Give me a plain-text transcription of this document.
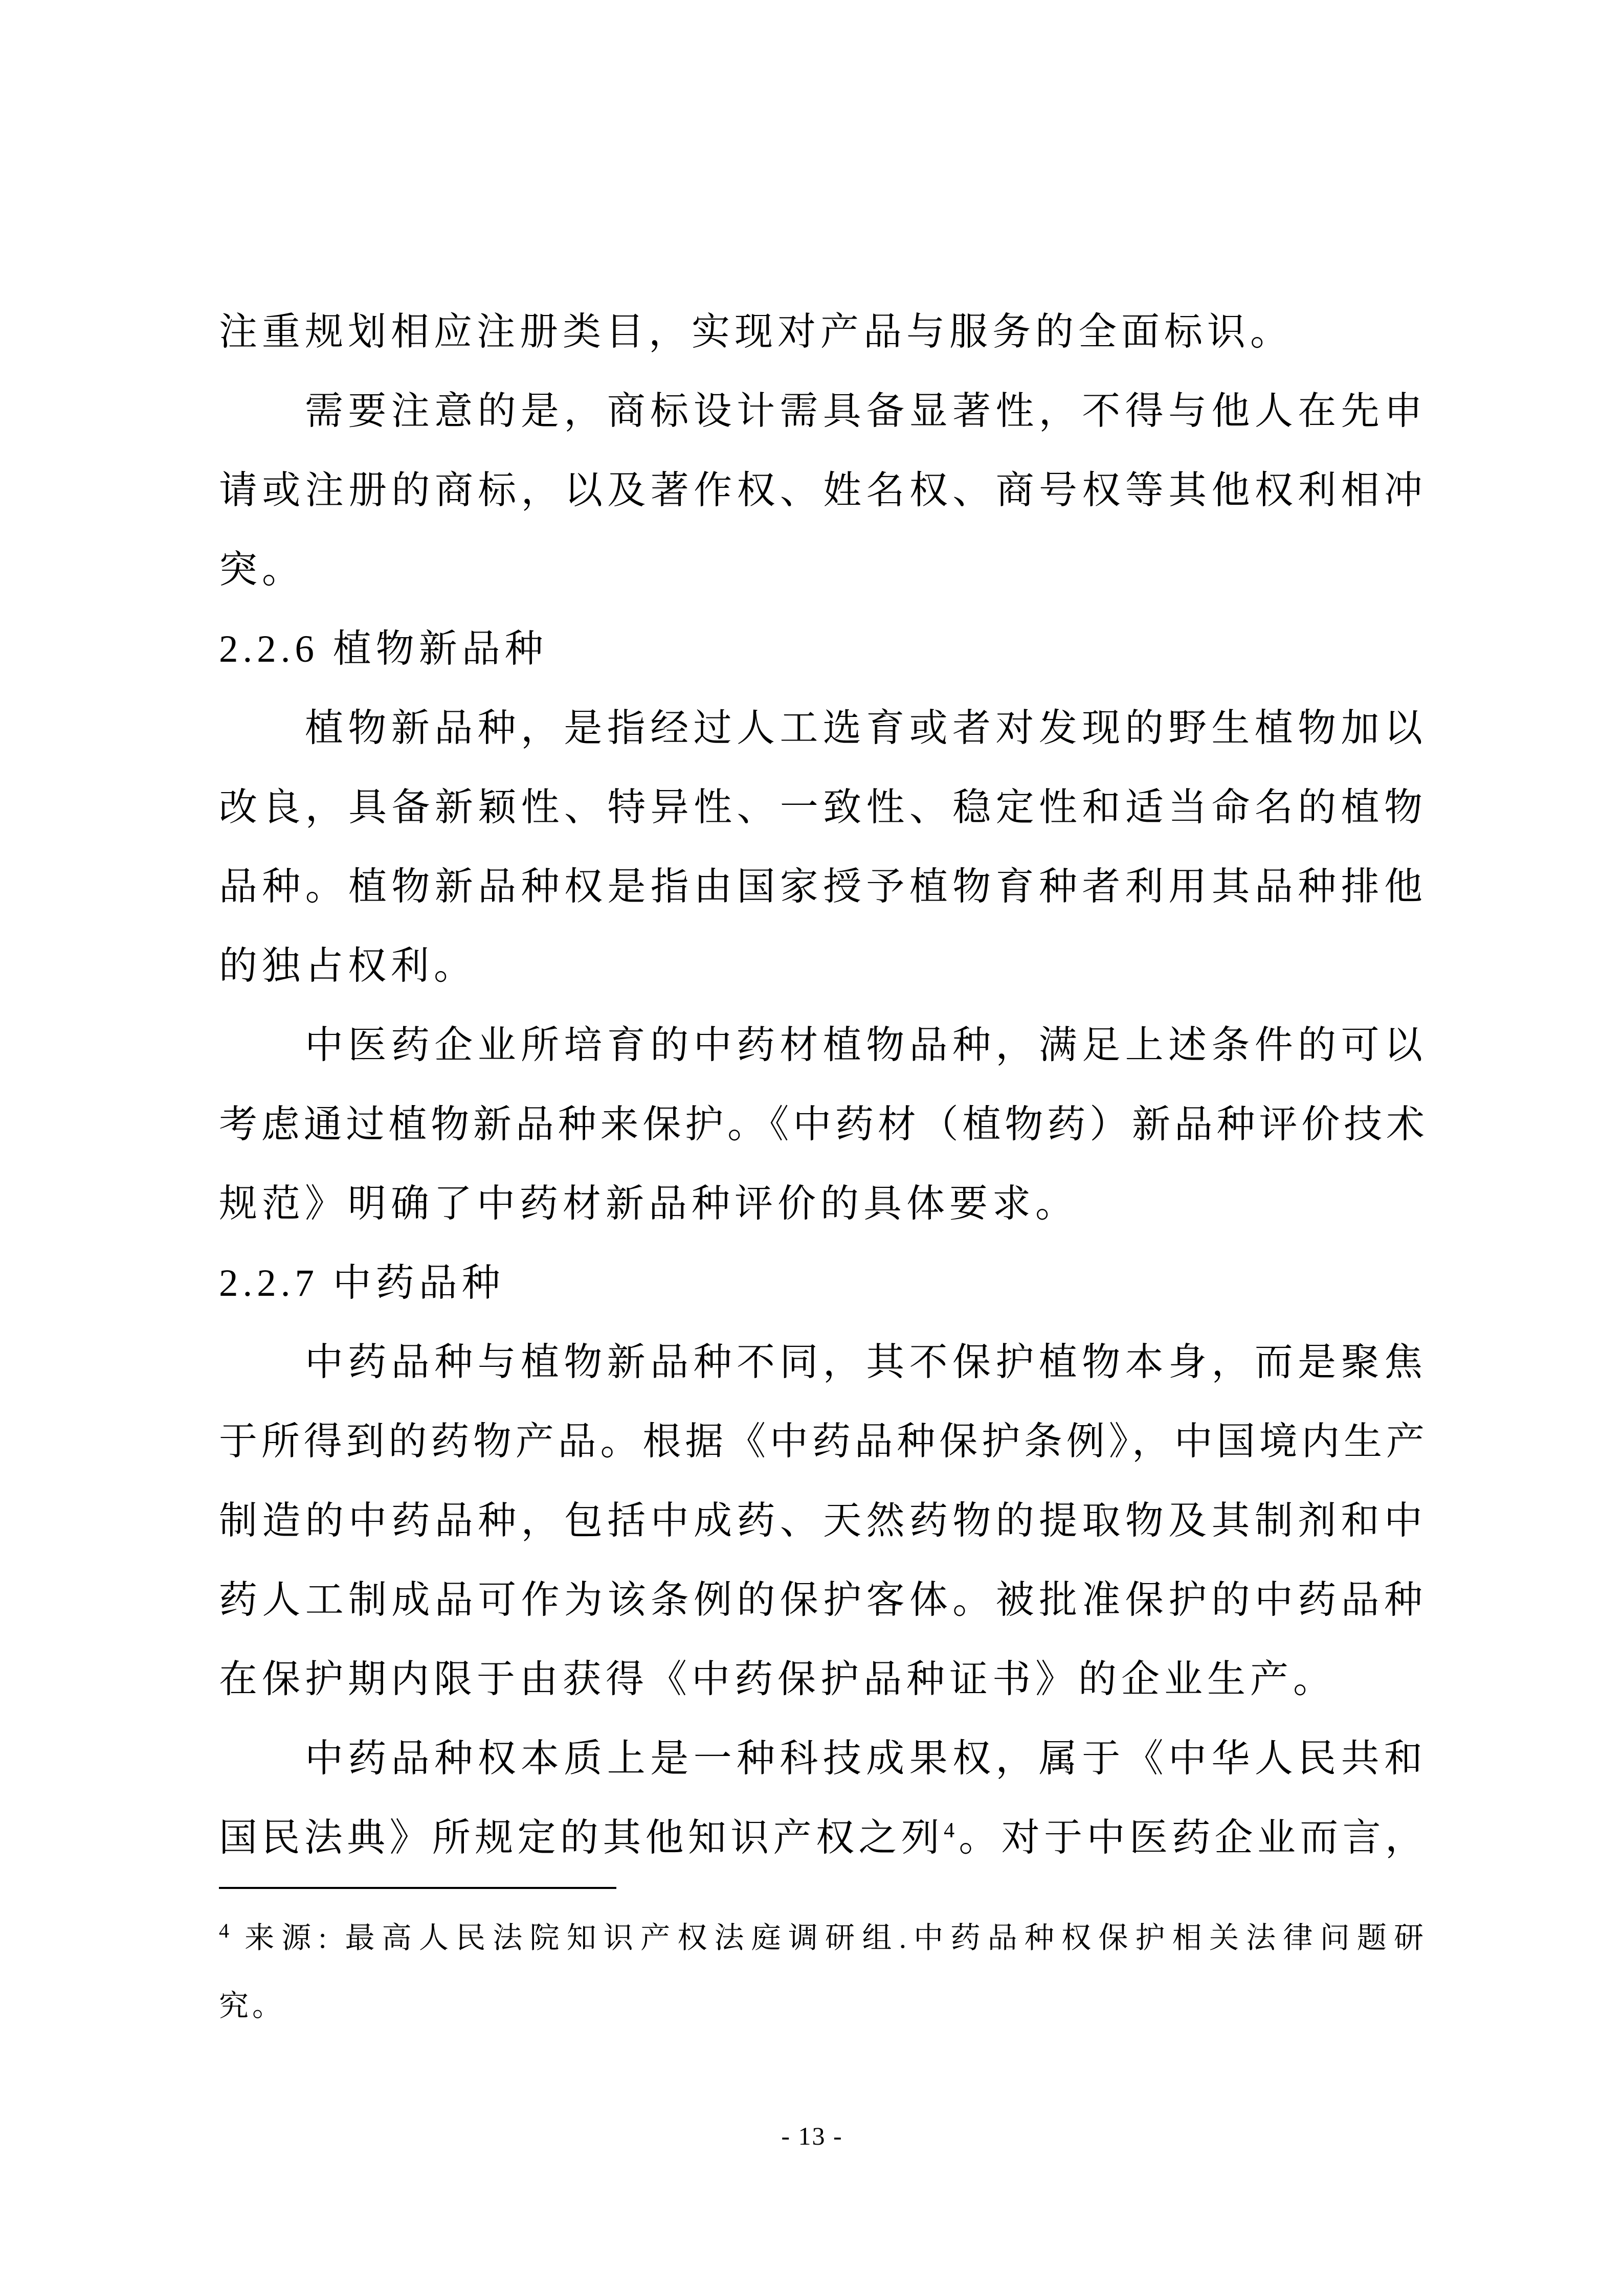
注重规划相应注册类目，实现对产品与服务的全面标识。
需要注意的是，商标设计需具备显著性，不得与他人在先申
请或注册的商标，以及著作权、姓名权、商号权等其他权利相冲
突。
2.2.6 植物新品种
植物新品种，是指经过人工选育或者对发现的野生植物加以
改良，具备新颖性、特异性、一致性、稳定性和适当命名的植物
品种。植物新品种权是指由国家授予植物育种者利用其品种排他
的独占权利。
中医药企业所培育的中药材植物品种，满足上述条件的可以
考虑通过植物新品种来保护。《中药材（植物药）新品种评价技术
规范》明确了中药材新品种评价的具体要求。
2.2.7 中药品种
中药品种与植物新品种不同，其不保护植物本身，而是聚焦
于所得到的药物产品。根据《中药品种保护条例》，中国境内生产
制造的中药品种，包括中成药、天然药物的提取物及其制剂和中
药人工制成品可作为该条例的保护客体。被批准保护的中药品种
在保护期内限于由获得《中药保护品种证书》的企业生产。
中药品种权本质上是一种科技成果权，属于《中华人民共和
国民法典》所规定的其他知识产权之列$^4$。对于中医药企业而言，
$^4$ 来源: 最高人民法院知识产权法庭调研组.中药品种权保护相关法律问题研
究。
- 13 -
